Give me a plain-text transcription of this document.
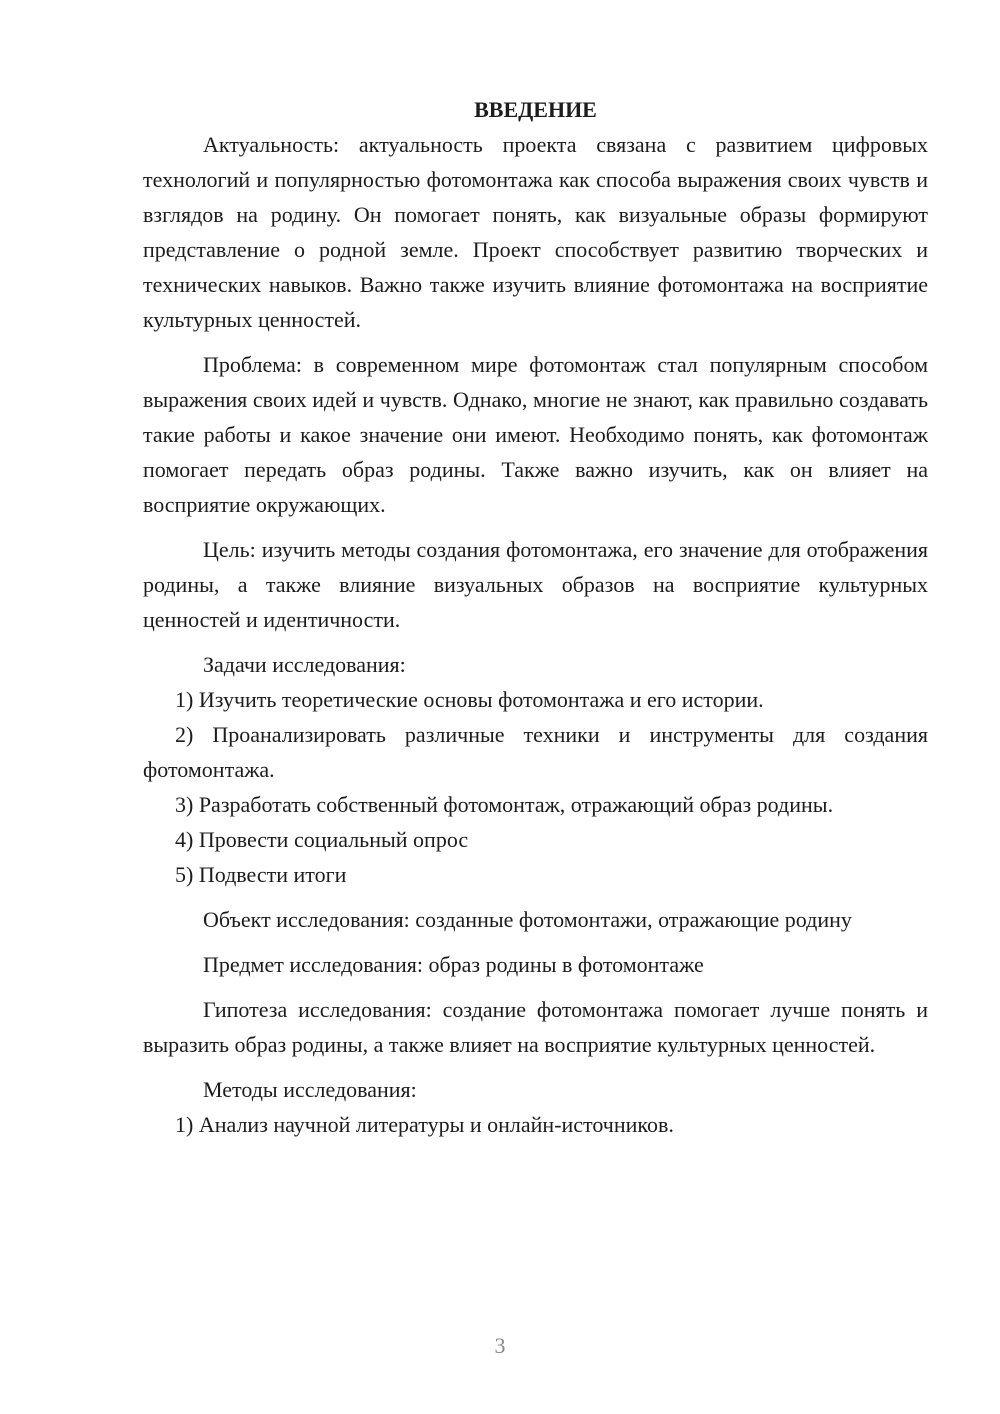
ВВЕДЕНИЕ

Актуальность: актуальность проекта связана с развитием цифровых технологий и популярностью фотомонтажа как способа выражения своих чувств и взглядов на родину. Он помогает понять, как визуальные образы формируют представление о родной земле. Проект способствует развитию творческих и технических навыков. Важно также изучить влияние фотомонтажа на восприятие культурных ценностей.

Проблема: в современном мире фотомонтаж стал популярным способом выражения своих идей и чувств. Однако, многие не знают, как правильно создавать такие работы и какое значение они имеют. Необходимо понять, как фотомонтаж помогает передать образ родины. Также важно изучить, как он влияет на восприятие окружающих.

Цель: изучить методы создания фотомонтажа, его значение для отображения родины, а также влияние визуальных образов на восприятие культурных ценностей и идентичности.

Задачи исследования:

1) Изучить теоретические основы фотомонтажа и его истории.

2) Проанализировать различные техники и инструменты для создания фотомонтажа.

3) Разработать собственный фотомонтаж, отражающий образ родины.

4) Провести социальный опрос

5) Подвести итоги

Объект исследования: созданные фотомонтажи, отражающие родину

Предмет исследования: образ родины в фотомонтаже

Гипотеза исследования: создание фотомонтажа помогает лучше понять и выразить образ родины, а также влияет на восприятие культурных ценностей.

Методы исследования:

1) Анализ научной литературы и онлайн-источников.

3
